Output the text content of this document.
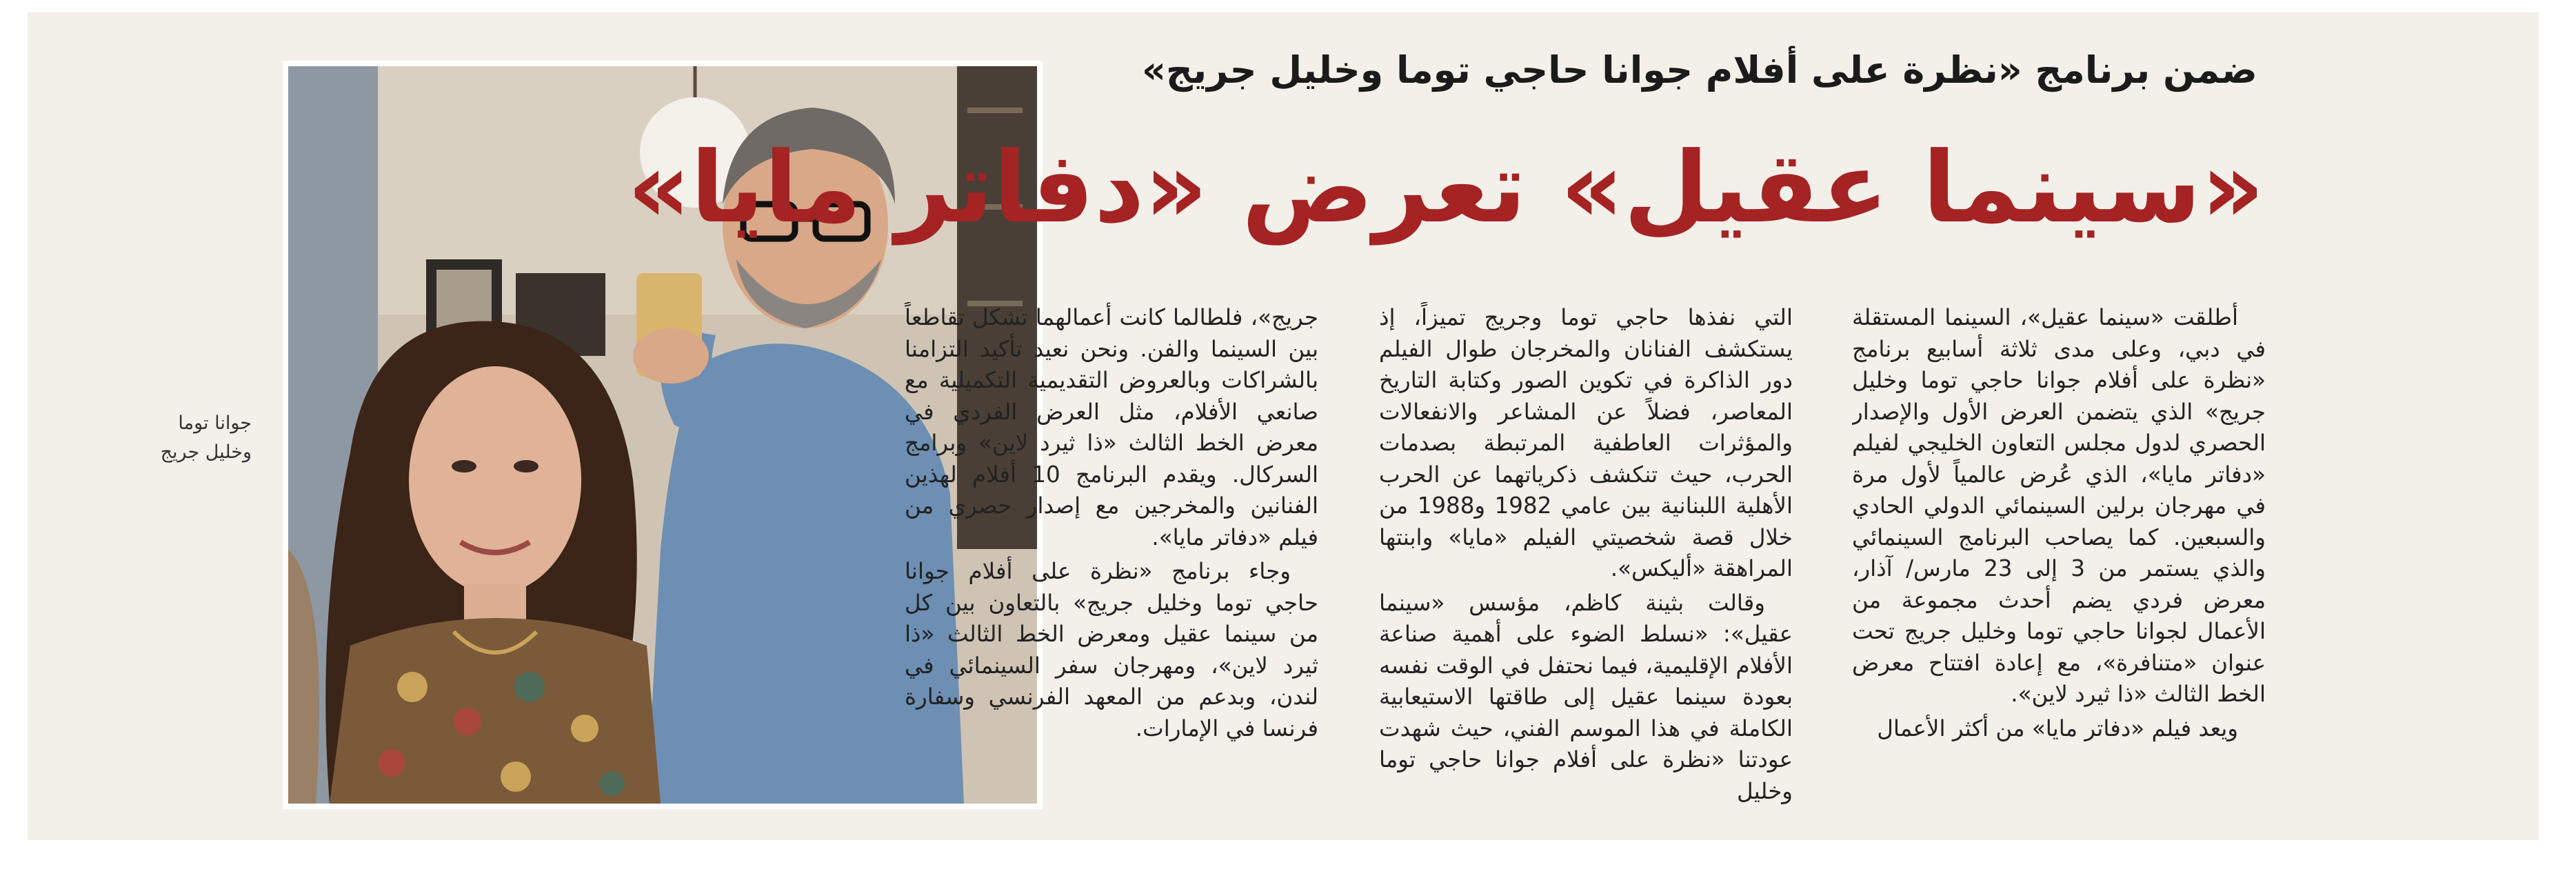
ضمن برنامج «نظرة على أفلام جوانا حاجي توما وخليل جريج»
«سينما عقيل» تعرض «دفاتر مايا»

أطلقت «سينما عقيل»، السينما المستقلة في دبي، وعلى مدى ثلاثة أسابيع برنامج «نظرة على أفلام جوانا حاجي توما وخليل جريج» الذي يتضمن العرض الأول والإصدار الحصري لدول مجلس التعاون الخليجي لفيلم «دفاتر مايا»، الذي عُرض عالمياً لأول مرة في مهرجان برلين السينمائي الدولي الحادي والسبعين. كما يصاحب البرنامج السينمائي والذي يستمر من 3 إلى 23 مارس/ آذار، معرض فردي يضم أحدث مجموعة من الأعمال لجوانا حاجي توما وخليل جريج تحت عنوان «متنافرة»، مع إعادة افتتاح معرض الخط الثالث «ذا ثيرد لاين».

ويعد فيلم «دفاتر مايا» من أكثر الأعمال

التي نفذها حاجي توما وجريج تميزاً، إذ يستكشف الفنانان والمخرجان طوال الفيلم دور الذاكرة في تكوين الصور وكتابة التاريخ المعاصر، فضلاً عن المشاعر والانفعالات والمؤثرات العاطفية المرتبطة بصدمات الحرب، حيث تنكشف ذكرياتهما عن الحرب الأهلية اللبنانية بين عامي 1982 و1988 من خلال قصة شخصيتي الفيلم «مايا» وابنتها المراهقة «أليكس».

وقالت بثينة كاظم، مؤسس «سينما عقيل»: «نسلط الضوء على أهمية صناعة الأفلام الإقليمية، فيما نحتفل في الوقت نفسه بعودة سينما عقيل إلى طاقتها الاستيعابية الكاملة في هذا الموسم الفني، حيث شهدت عودتنا «نظرة على أفلام جوانا حاجي توما وخليل

جريج»، فلطالما كانت أعمالهما تشكل تقاطعاً بين السينما والفن. ونحن نعيد تأكيد التزامنا بالشراكات وبالعروض التقديمية التكميلية مع صانعي الأفلام، مثل العرض الفردي في معرض الخط الثالث «ذا ثيرد لاين» وبرامج السركال. ويقدم البرنامج 10 أفلام لهذين الفنانين والمخرجين مع إصدار حصري من فيلم «دفاتر مايا».

وجاء برنامج «نظرة على أفلام جوانا حاجي توما وخليل جريج» بالتعاون بين كل من سينما عقيل ومعرض الخط الثالث «ذا ثيرد لاين»، ومهرجان سفر السينمائي في لندن، وبدعم من المعهد الفرنسي وسفارة فرنسا في الإمارات.

جوانا توما
وخليل جريج
